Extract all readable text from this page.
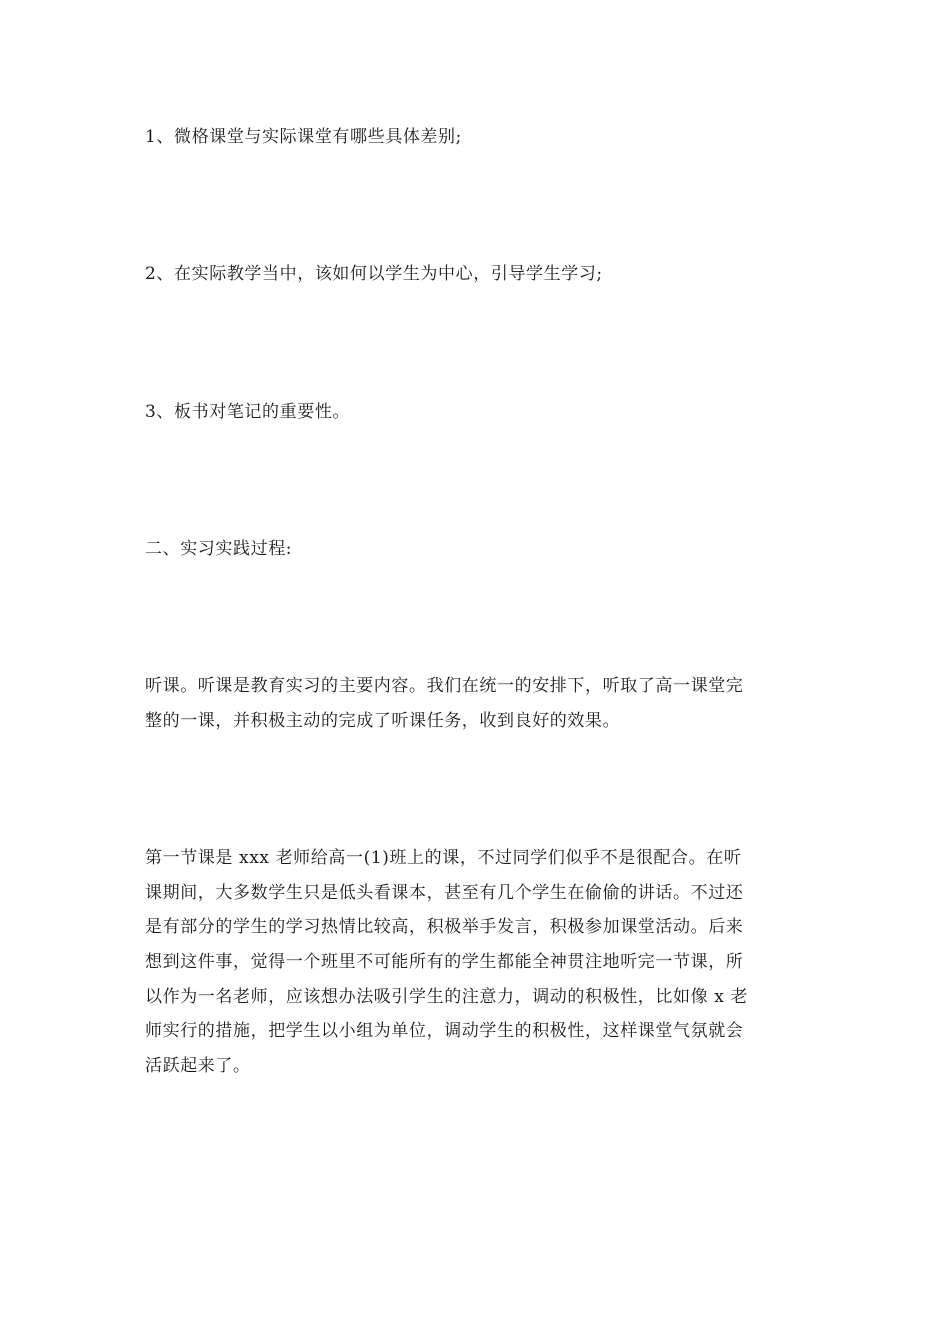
1、微格课堂与实际课堂有哪些具体差别;
2、在实际教学当中，该如何以学生为中心，引导学生学习;
3、板书对笔记的重要性。
二、实习实践过程:
听课。听课是教育实习的主要内容。我们在统一的安排下，听取了高一课堂完
整的一课，并积极主动的完成了听课任务，收到良好的效果。
第一节课是 xxx 老师给高一(1)班上的课，不过同学们似乎不是很配合。在听
课期间，大多数学生只是低头看课本，甚至有几个学生在偷偷的讲话。不过还
是有部分的学生的学习热情比较高，积极举手发言，积极参加课堂活动。后来
想到这件事，觉得一个班里不可能所有的学生都能全神贯注地听完一节课，所
以作为一名老师，应该想办法吸引学生的注意力，调动的积极性，比如像 x 老
师实行的措施，把学生以小组为单位，调动学生的积极性，这样课堂气氛就会
活跃起来了。
